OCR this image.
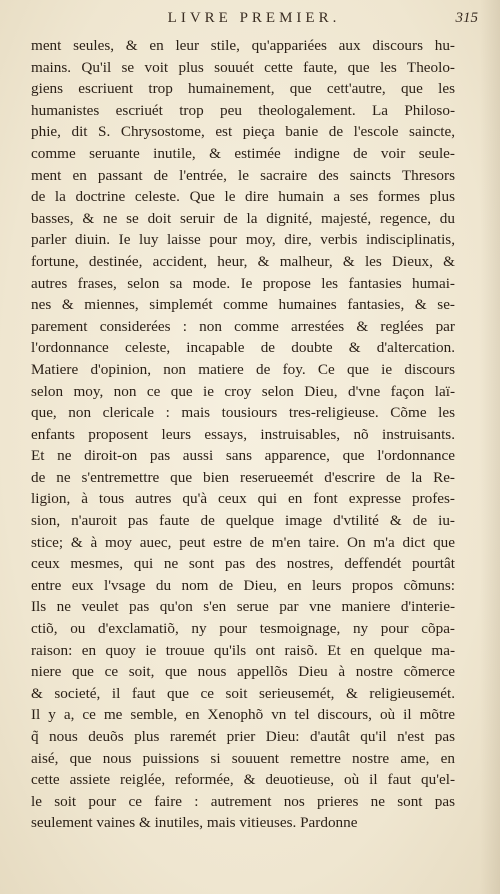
LIVRE PREMIER.	315
ment seules, & en leur stile, qu'appariées aux discours hu-
mains. Qu'il se voit plus souuét cette faute, que les Theolo-
giens escriuent trop humainement, que cett'autre, que les
humanistes escriuét trop peu theologalement. La Philoso-
phie, dit S. Chrysostome, est pieça banie de l'escole saincte,
comme seruante inutile, & estimée indigne de voir seule-
ment en passant de l'entrée, le sacraire des saincts Thresors
de la doctrine celeste. Que le dire humain a ses formes plus
basses, & ne se doit seruir de la dignité, majesté, regence, du
parler diuin. Ie luy laisse pour moy, dire, verbis indisciplinatis,
fortune, destinée, accident, heur, & malheur, & les Dieux, &
autres frases, selon sa mode. Ie propose les fantasies humai-
nes & miennes, simplemét comme humaines fantasies, & se-
parement considerées : non comme arrestées & reglées par
l'ordonnance celeste, incapable de doubte & d'altercation.
Matiere d'opinion, non matiere de foy. Ce que ie discours
selon moy, non ce que ie croy selon Dieu, d'vne façon laï-
que, non clericale : mais tousiours tres-religieuse. Cõme les
enfants proposent leurs essays, instruisables, nõ instruisants.
Et ne diroit-on pas aussi sans apparence, que l'ordonnance
de ne s'entremettre que bien reserueemét d'escrire de la Re-
ligion, à tous autres qu'à ceux qui en font expresse profes-
sion, n'auroit pas faute de quelque image d'vtilité & de iu-
stice; & à moy auec, peut estre de m'en taire. On m'a dict que
ceux mesmes, qui ne sont pas des nostres, deffendét pourtât
entre eux l'vsage du nom de Dieu, en leurs propos cõmuns:
Ils ne veulet pas qu'on s'en serue par vne maniere d'interie-
ctiõ, ou d'exclamatiõ, ny pour tesmoignage, ny pour cõpa-
raison: en quoy ie trouue qu'ils ont raisõ. Et en quelque ma-
niere que ce soit, que nous appellõs Dieu à nostre cõmerce
& societé, il faut que ce soit serieusemét, & religieusemét.
Il y a, ce me semble, en Xenophõ vn tel discours, où il mõtre
q̃ nous deuõs plus raremét prier Dieu: d'autât qu'il n'est pas
aisé, que nous puissions si souuent remettre nostre ame, en
cette assiete reiglée, reformée, & deuotieuse, où il faut qu'el-
le soit pour ce faire : autrement nos prieres ne sont pas
seulement vaines & inutiles, mais vitieuses. Pardonne
